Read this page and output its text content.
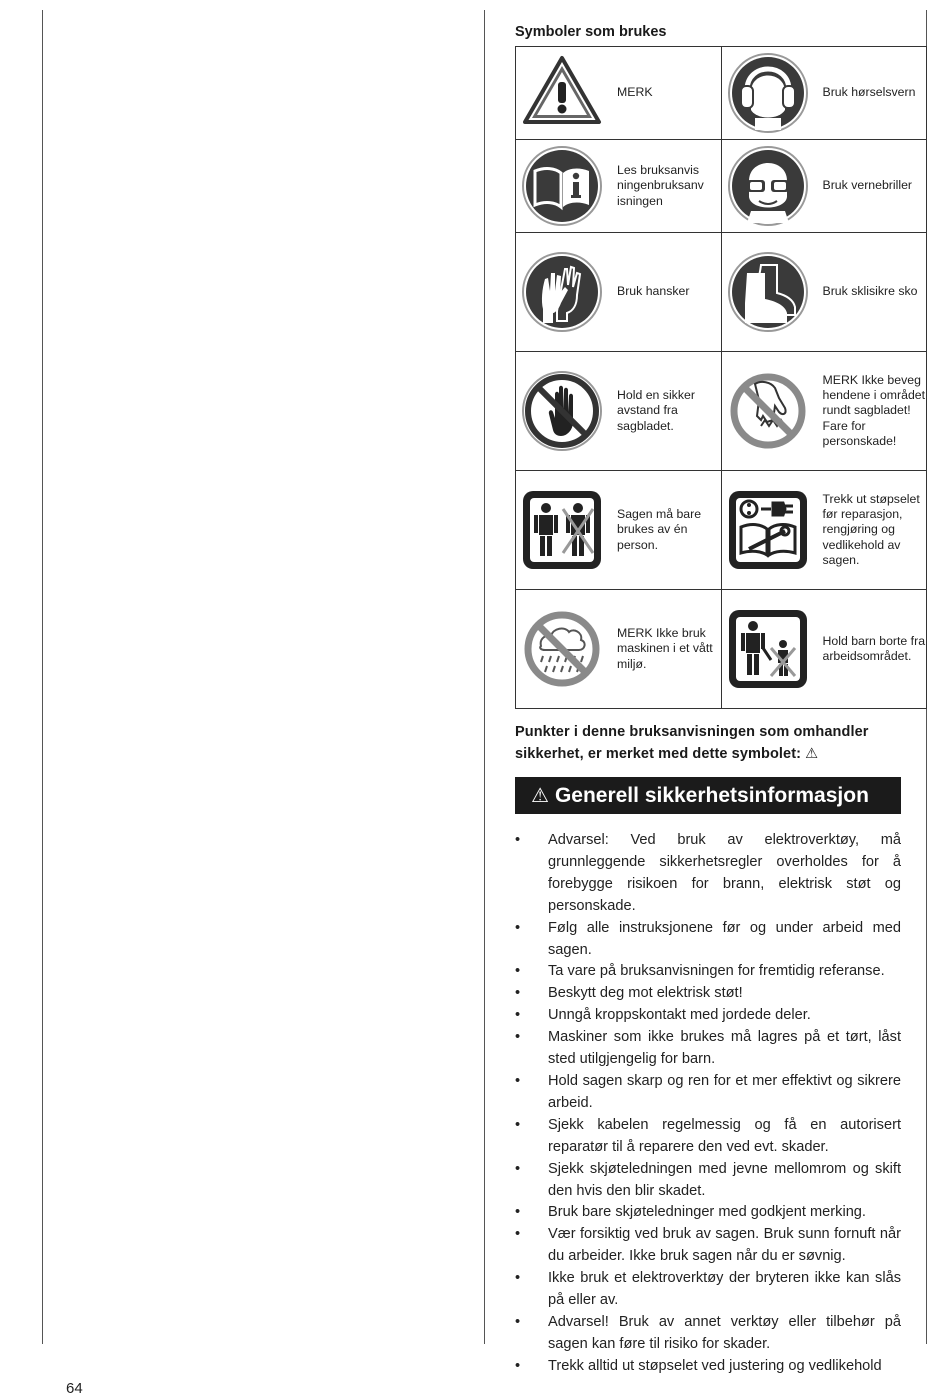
Symboler som brukes
MERK	Bruk hørselsvern

Les bruksanvis ningenbruksanv isningen	Bruk vernebriller

Bruk hansker	Bruk sklisikre sko

Hold en sikker avstand fra sagbladet.	MERK Ikke beveg hendene i området rundt sagbladet! Fare for personskade!

Sagen må bare brukes av én person.	Trekk ut støpselet før reparasjon, rengjøring og vedlikehold av sagen.

MERK Ikke bruk maskinen i et vått miljø.	Hold barn borte fra arbeidsområdet.

Punkter i denne bruksanvisningen som omhandler sikkerhet, er merket med dette symbolet: ⚠

⚠ Generell sikkerhetsinformasjon
• Advarsel: Ved bruk av elektroverktøy, må grunnleggende sikkerhetsregler overholdes for å forebygge risikoen for brann, elektrisk støt og personskade.
• Følg alle instruksjonene før og under arbeid med sagen.
• Ta vare på bruksanvisningen for fremtidig referanse.
• Beskytt deg mot elektrisk støt!
• Unngå kroppskontakt med jordede deler.
• Maskiner som ikke brukes må lagres på et tørt, låst sted utilgjengelig for barn.
• Hold sagen skarp og ren for et mer effektivt og sikrere arbeid.
• Sjekk kabelen regelmessig og få en autorisert reparatør til å reparere den ved evt. skader.
• Sjekk skjøteledningen med jevne mellomrom og skift den hvis den blir skadet.
• Bruk bare skjøteledninger med godkjent merking.
• Vær forsiktig ved bruk av sagen. Bruk sunn fornuft når du arbeider. Ikke bruk sagen når du er søvnig.
• Ikke bruk et elektroverktøy der bryteren ikke kan slås på eller av.
• Advarsel! Bruk av annet verktøy eller tilbehør på sagen kan føre til risiko for skader.
• Trekk alltid ut støpselet ved justering og vedlikehold
64
